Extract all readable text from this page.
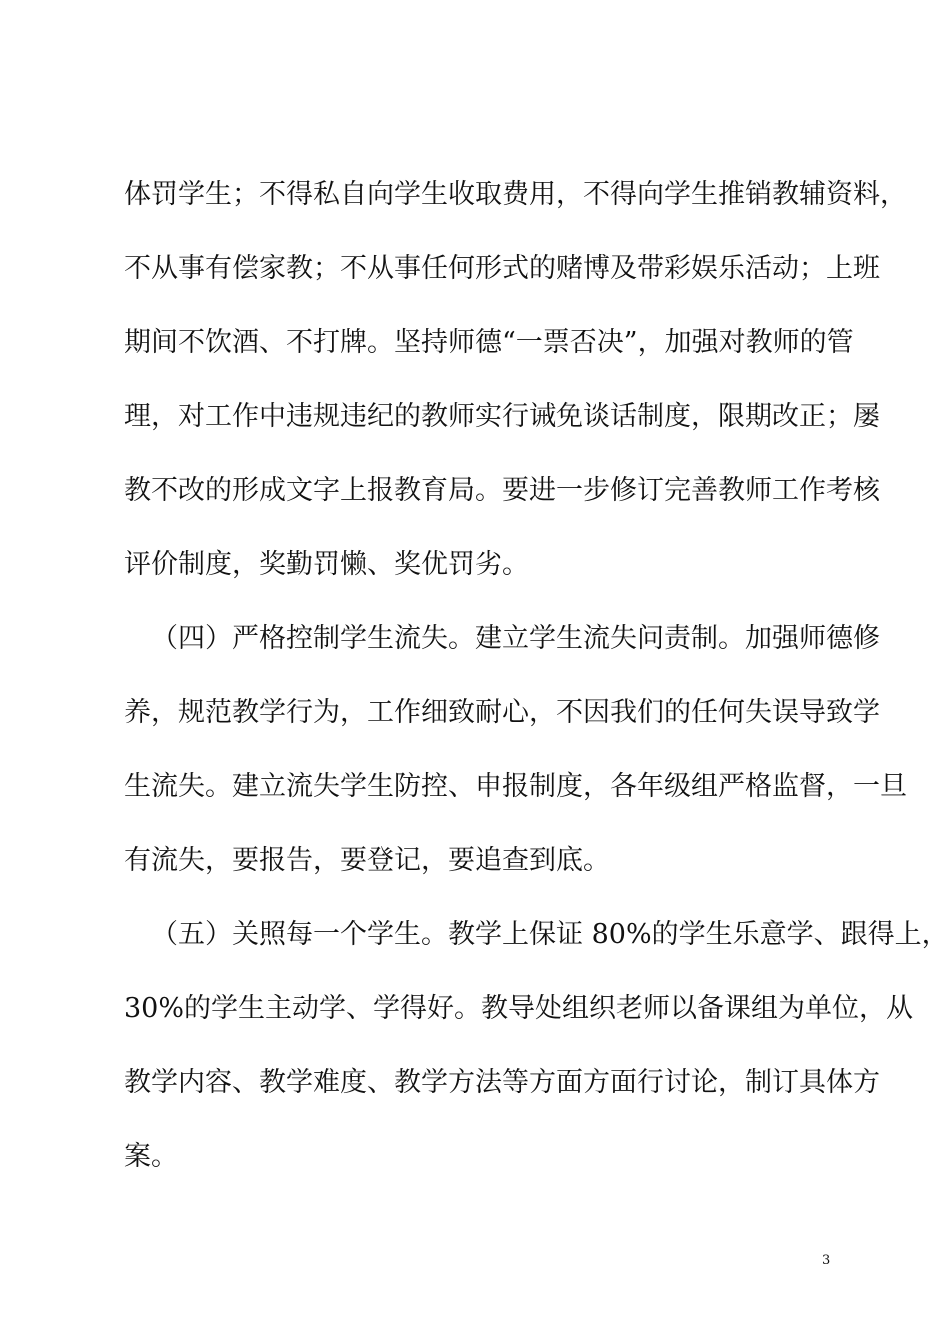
体罚学生；不得私自向学生收取费用，不得向学生推销教辅资料，
不从事有偿家教；不从事任何形式的赌博及带彩娱乐活动；上班
期间不饮酒、不打牌。坚持师德“一票否决”，加强对教师的管
理，对工作中违规违纪的教师实行诫免谈话制度，限期改正；屡
教不改的形成文字上报教育局。要进一步修订完善教师工作考核
评价制度，奖勤罚懒、奖优罚劣。
（四）严格控制学生流失。建立学生流失问责制。加强师德修
养，规范教学行为，工作细致耐心，不因我们的任何失误导致学
生流失。建立流失学生防控、申报制度，各年级组严格监督，一旦
有流失，要报告，要登记，要追查到底。
（五）关照每一个学生。教学上保证 80%的学生乐意学、跟得上，
30%的学生主动学、学得好。教导处组织老师以备课组为单位，从
教学内容、教学难度、教学方法等方面方面行讨论，制订具体方
案。
3
